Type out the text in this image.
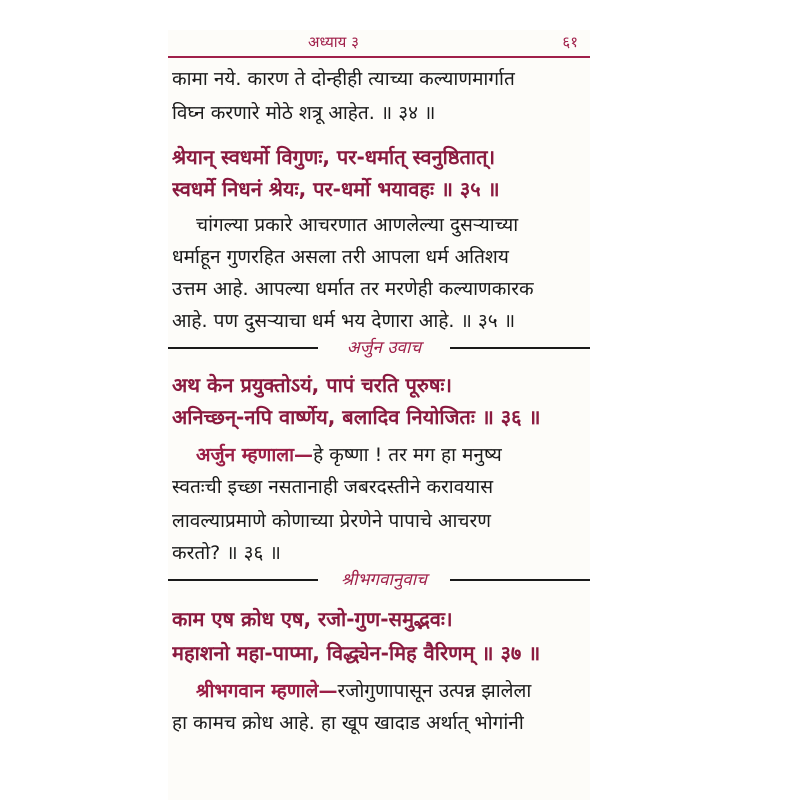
अध्याय ३	६१
कामा नये. कारण ते दोन्हीही त्याच्या कल्याणमार्गात
विघ्न करणारे मोठे शत्रू आहेत. ॥ ३४ ॥
श्रेयान् स्वधर्मो विगुणः, पर-धर्मात् स्वनुष्ठितात्।
स्वधर्मे निधनं श्रेयः, पर-धर्मो भयावहः ॥ ३५ ॥
चांगल्या प्रकारे आचरणात आणलेल्या दुसऱ्याच्या
धर्माहून गुणरहित असला तरी आपला धर्म अतिशय
उत्तम आहे. आपल्या धर्मात तर मरणेही कल्याणकारक
आहे. पण दुसऱ्याचा धर्म भय देणारा आहे. ॥ ३५ ॥
अर्जुन उवाच
अथ केन प्रयुक्तोऽयं, पापं चरति पूरुषः।
अनिच्छन्-नपि वार्ष्णेय, बलादिव नियोजितः ॥ ३६ ॥
अर्जुन म्हणाला—हे कृष्णा ! तर मग हा मनुष्य
स्वतःची इच्छा नसतानाही जबरदस्तीने करावयास
लावल्याप्रमाणे कोणाच्या प्रेरणेने पापाचे आचरण
करतो? ॥ ३६ ॥
श्रीभगवानुवाच
काम एष क्रोध एष, रजो-गुण-समुद्भवः।
महाशनो महा-पाप्मा, विद्ध्येन-मिह वैरिणम् ॥ ३७ ॥
श्रीभगवान म्हणाले—रजोगुणापासून उत्पन्न झालेला
हा कामच क्रोध आहे. हा खूप खादाड अर्थात् भोगांनी
